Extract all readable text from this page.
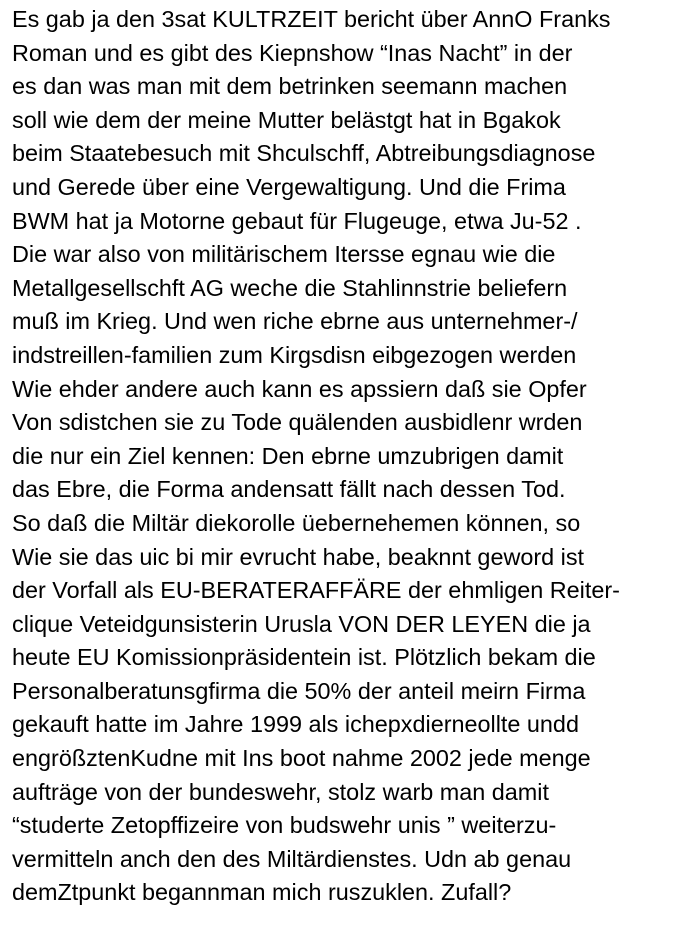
Es gab ja den 3sat KULTRZEIT bericht über AnnO Franks
Roman und es gibt des Kiepnshow “Inas Nacht” in der
es dan was man mit dem betrinken seemann machen
soll wie dem der meine Mutter belästgt hat in Bgakok
beim Staatebesuch mit Shculschff, Abtreibungsdiagnose
und Gerede über eine Vergewaltigung. Und die Frima
BWM hat ja Motorne gebaut für Flugeuge, etwa Ju-52 .
Die war also von militärischem Itersse egnau wie die
Metallgesellschft AG weche die Stahlinnstrie beliefern
muß im Krieg. Und wen riche ebrne aus unternehmer-/
indstreillen-familien zum Kirgsdisn eibgezogen werden
Wie ehder andere auch kann es apssiern daß sie Opfer
Von sdistchen sie zu Tode quälenden ausbidlenr wrden
die nur ein Ziel kennen: Den ebrne umzubrigen damit
das Ebre, die Forma andensatt fällt nach dessen Tod.
So daß die Miltär diekorolle üebernehemen können, so
Wie sie das uic bi mir evrucht habe, beaknnt geword ist
der Vorfall als EU-BERATERAFFÄRE der ehmligen Reiter-
clique Veteidgunsisterin Urusla VON DER LEYEN die ja
heute EU Komissionpräsidentein ist. Plötzlich bekam die
Personalberatunsgfirma die 50% der anteil meirn Firma
gekauft hatte im Jahre 1999 als ichepxdierneollte undd
engrößztenKudne mit Ins boot nahme 2002 jede menge
aufträge von der bundeswehr, stolz warb man damit
“studerte Zetopffizeire von budswehr unis ” weiterzu-
vermitteln anch den des Miltärdienstes. Udn ab genau
demZtpunkt begannman mich ruszuklen. Zufall?
